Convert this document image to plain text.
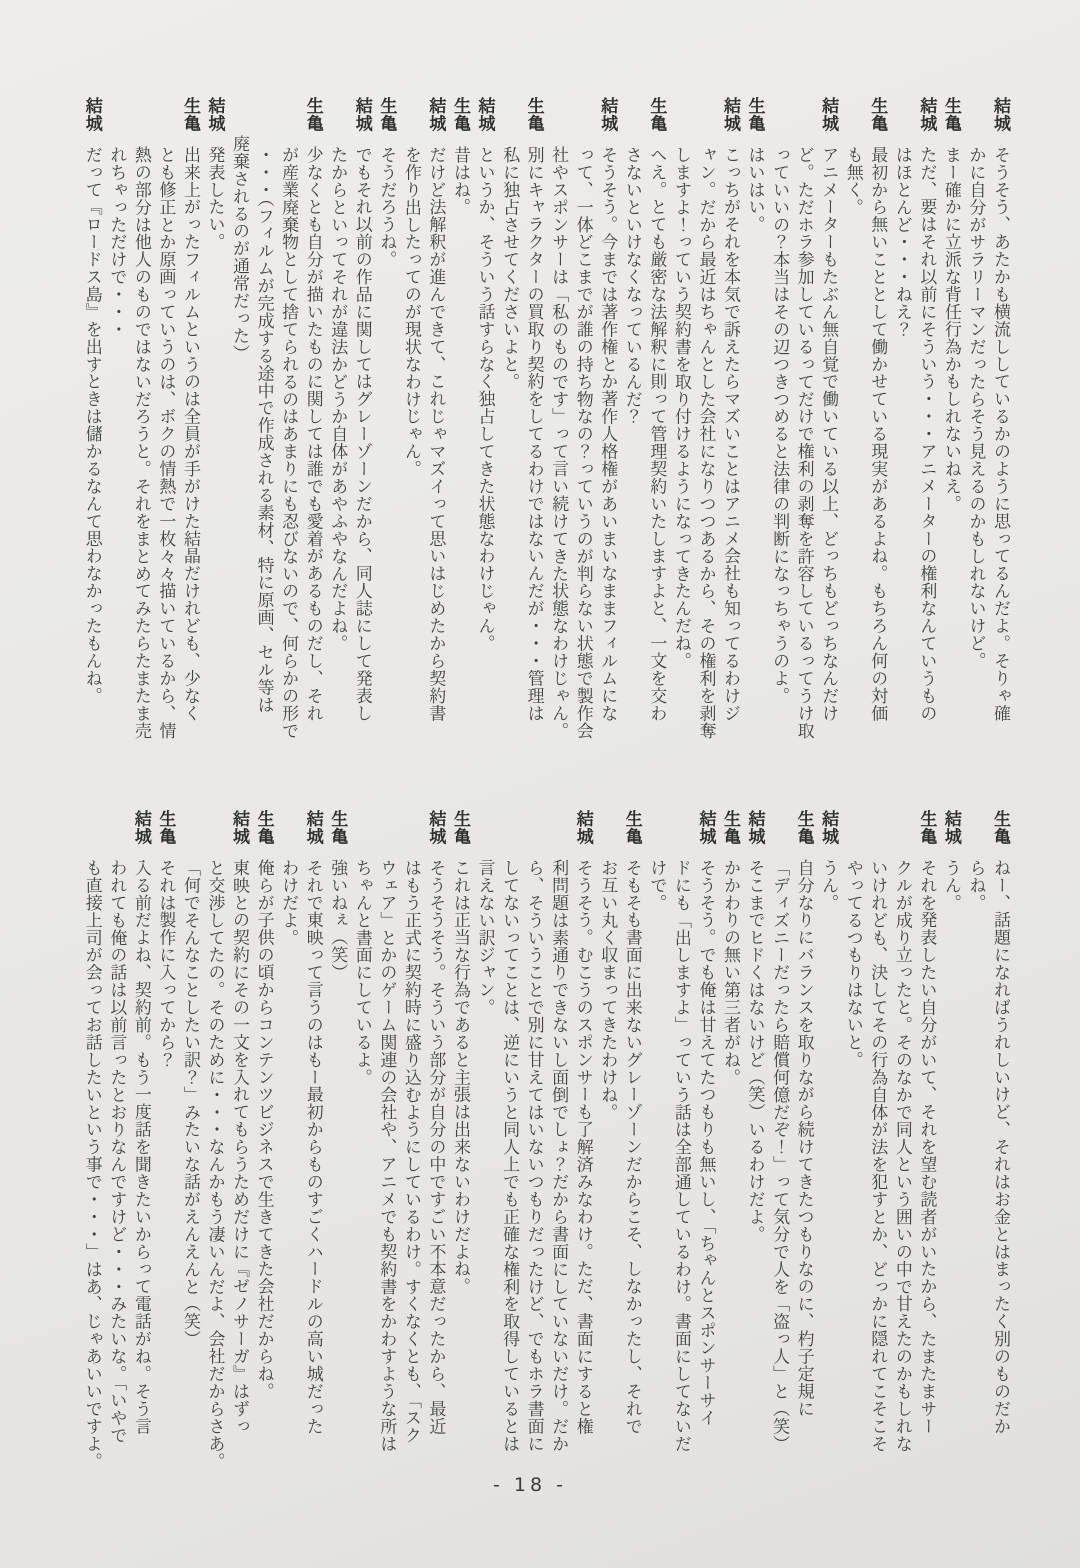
結城そうそう、あたかも横流ししているかのように思ってるんだよ。そりゃ確
かに自分がサラリーマンだったらそう見えるのかもしれないけど。
生亀まー確かに立派な背任行為かもしれないねえ。
結城ただ、要はそれ以前にそういう・・・アニメーターの権利なんていうもの
はほとんど・・・ねえ？
生亀最初から無いこととして働かせている現実があるよね。もちろん何の対価
も無く。
結城アニメーターもたぶん無自覚で働いている以上、どっちもどっちなんだけ
ど。ただホラ参加しているってだけで権利の剥奪を許容しているってうけ取
っていいの？本当はその辺つきつめると法律の判断になっちゃうのよ。
生亀はいはい。
結城こっちがそれを本気で訴えたらマズいことはアニメ会社も知ってるわけジ
ャン。だから最近はちゃんとした会社になりつつあるから、その権利を剥奪
しますよ！っていう契約書を取り付けるようになってきたんだね。
生亀へえ。とても厳密な法解釈に則って管理契約いたしますよと、一文を交わ
さないといけなくなっているんだ？
結城そうそう。今までは著作権とか著作人格権があいまいなままフィルムにな
って、一体どこまでが誰の持ち物なの？っていうのが判らない状態で製作会
社やスポンサーは「私のものです」って言い続けてきた状態なわけじゃん。
生亀別にキャラクターの買取り契約をしてるわけではないんだが・・・管理は
私に独占させてくださいよと。
結城というか、そういう話すらなく独占してきた状態なわけじゃん。
生亀昔はね。
結城だけど法解釈が進んできて、これじゃマズイって思いはじめたから契約書
を作り出したってのが現状なわけじゃん。
生亀そうだろうね。
結城でもそれ以前の作品に関してはグレーゾーンだから、同人誌にして発表し
たからといってそれが違法かどうか自体があやふやなんだよね。
生亀少なくとも自分が描いたものに関しては誰でも愛着があるものだし、それ
が産業廃棄物として捨てられるのはあまりにも忍びないので、何らかの形で
・・・（フィルムが完成する途中で作成される素材、特に原画、セル等は
廃棄されるのが通常だった）
結城発表したい。
生亀出来上がったフィルムというのは全員が手がけた結晶だけれども、少なく
とも修正とか原画っていうのは、ボクの情熱で一枚々々描いているから、情
熱の部分は他人のものではないだろうと。それをまとめてみたらたまたま売
れちゃっただけで・・・
結城だって『ロードス島』を出すときは儲かるなんて思わなかったもんね。
生亀ねー、話題になればうれしいけど、それはお金とはまったく別のものだか
らね。
結城うん。
生亀それを発表したい自分がいて、それを望む読者がいたから、たまたまサー
クルが成り立ったと。そのなかで同人という囲いの中で甘えたのかもしれな
いけれども、決してその行為自体が法を犯すとか、どっかに隠れてこそこそ
やってるつもりはないと。
結城うん。
生亀自分なりにバランスを取りながら続けてきたつもりなのに、杓子定規に
「ディズニーだったら賠償何億だぞ！」って気分で人を「盗っ人」と（笑）
結城そこまでヒドくはないけど（笑）いるわけだよ。
生亀かかわりの無い第三者がね。
結城そうそう。でも俺は甘えてたつもりも無いし、「ちゃんとスポンサーサイ
ドにも「出しますよ」っていう話は全部通しているわけ。書面にしてないだ
けで。
生亀そもそも書面に出来ないグレーゾーンだからこそ、しなかったし、それで
お互い丸く収まってきたわけね。
結城そうそう。むこうのスポンサーも了解済みなわけ。ただ、書面にすると権
利問題は素通りできないし面倒でしょ？だから書面にしていないだけ。だか
ら、そういうことで別に甘えてはいないつもりだったけど、でもホラ書面に
してないってことは、逆にいうと同人上でも正確な権利を取得しているとは
言えない訳ジャン。
生亀これは正当な行為であると主張は出来ないわけだよね。
結城そうそうそう。そういう部分が自分の中ですごい不本意だったから、最近
はもう正式に契約時に盛り込むようにしているわけ。すくなくとも、「スク
ウェア」とかのゲーム関連の会社や、アニメでも契約書をかわすような所は
ちゃんと書面にしているよ。
生亀強いねぇ（笑）
結城それで東映って言うのはもー最初からものすごくハードルの高い城だった
わけだよ。
生亀俺らが子供の頃からコンテンツビジネスで生きてきた会社だからね。
結城東映との契約にその一文を入れてもらうためだけに『ゼノサーガ』はずっ
と交渉してたの。そのために・・・なんかもう凄いんだよ、会社だからさあ。
「何でそんなことしたい訳？」みたいな話がえんえんと（笑）
生亀それは製作に入ってから？
結城入る前だよね、契約前。もう一度話を聞きたいからって電話がね。そう言
われても俺の話は以前言ったとおりなんですけど・・・みたいな。「いやで
も直接上司が会ってお話したいという事で・・・」はあ、じゃあいいですよ。
- 18 -
